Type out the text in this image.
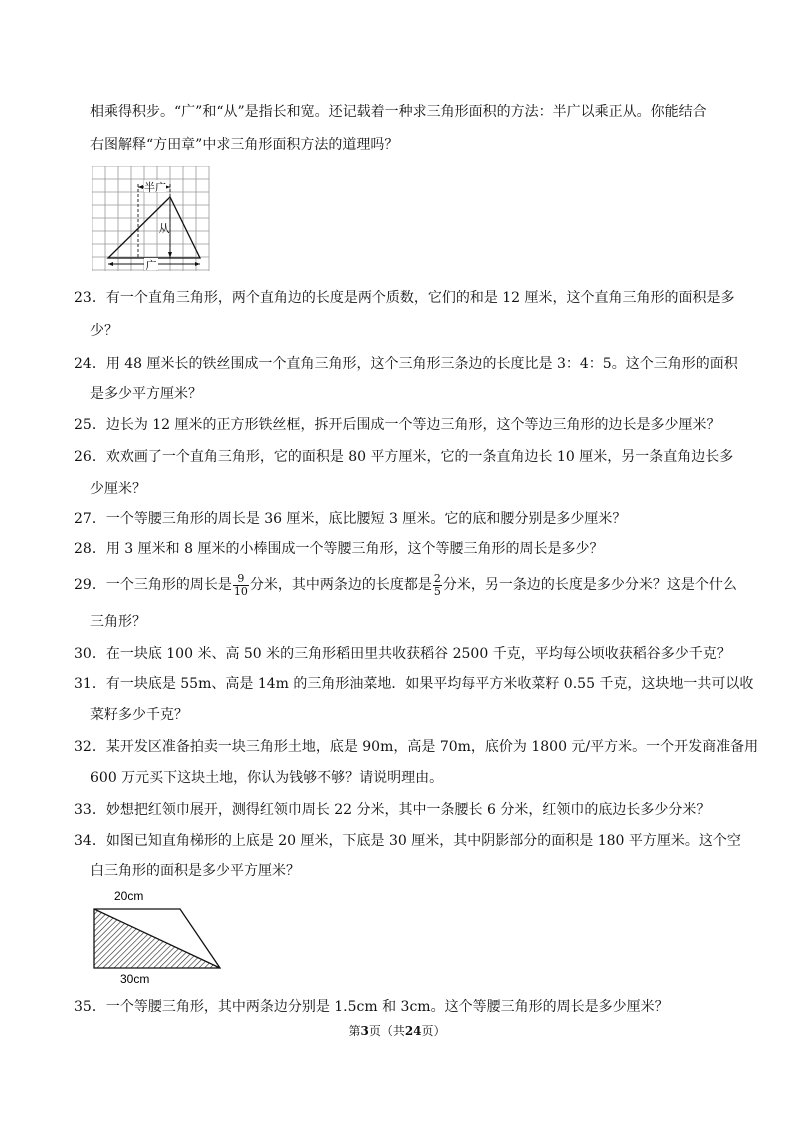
相乘得积步。“广”和“从”是指长和宽。还记载着一种求三角形面积的方法：半广以乘正从。你能结合
右图解释“方田章”中求三角形面积方法的道理吗？
半广
从
广
23．有一个直角三角形，两个直角边的长度是两个质数，它们的和是 12 厘米，这个直角三角形的面积是多
少？
24．用 48 厘米长的铁丝围成一个直角三角形，这个三角形三条边的长度比是 3：4：5。这个三角形的面积
是多少平方厘米？
25．边长为 12 厘米的正方形铁丝框，拆开后围成一个等边三角形，这个等边三角形的边长是多少厘米？
26．欢欢画了一个直角三角形，它的面积是 80 平方厘米，它的一条直角边长 10 厘米，另一条直角边长多
少厘米？
27．一个等腰三角形的周长是 36 厘米，底比腰短 3 厘米。它的底和腰分别是多少厘米？
28．用 3 厘米和 8 厘米的小棒围成一个等腰三角形，这个等腰三角形的周长是多少？
29．一个三角形的周长是 $\frac{9}{10}$ 分米，其中两条边的长度都是 $\frac{2}{5}$ 分米，另一条边的长度是多少分米？这是个什么
三角形？
30．在一块底 100 米、高 50 米的三角形稻田里共收获稻谷 2500 千克，平均每公顷收获稻谷多少千克？
31．有一块底是 55m、高是 14m 的三角形油菜地．如果平均每平方米收菜籽 0.55 千克，这块地一共可以收
菜籽多少千克？
32．某开发区准备拍卖一块三角形土地，底是 90m，高是 70m，底价为 1800 元/平方米。一个开发商准备用
600 万元买下这块土地，你认为钱够不够？请说明理由。
33．妙想把红领巾展开，测得红领巾周长 22 分米，其中一条腰长 6 分米，红领巾的底边长多少分米？
34．如图已知直角梯形的上底是 20 厘米，下底是 30 厘米，其中阴影部分的面积是 180 平方厘米。这个空
白三角形的面积是多少平方厘米？
20cm
30cm
35．一个等腰三角形，其中两条边分别是 1.5cm 和 3cm。这个等腰三角形的周长是多少厘米？
第3页（共24页）
